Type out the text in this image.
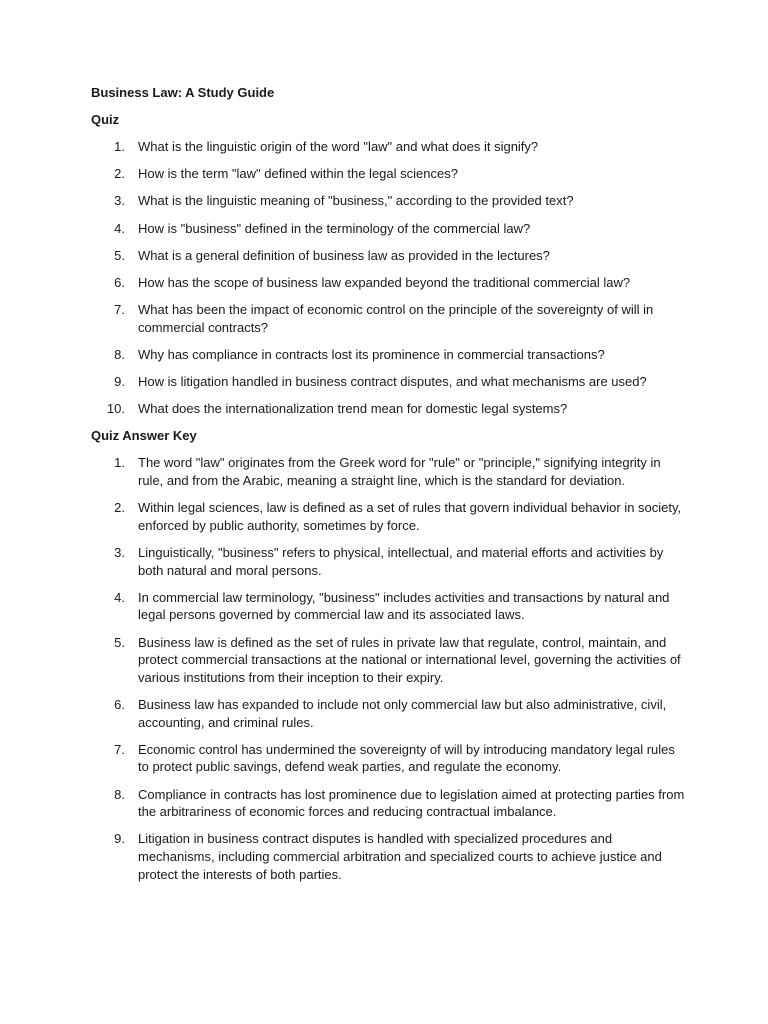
Business Law: A Study Guide
Quiz
1. What is the linguistic origin of the word "law" and what does it signify?
2. How is the term "law" defined within the legal sciences?
3. What is the linguistic meaning of "business," according to the provided text?
4. How is "business" defined in the terminology of the commercial law?
5. What is a general definition of business law as provided in the lectures?
6. How has the scope of business law expanded beyond the traditional commercial law?
7. What has been the impact of economic control on the principle of the sovereignty of will in commercial contracts?
8. Why has compliance in contracts lost its prominence in commercial transactions?
9. How is litigation handled in business contract disputes, and what mechanisms are used?
10. What does the internationalization trend mean for domestic legal systems?
Quiz Answer Key
1. The word "law" originates from the Greek word for "rule" or "principle," signifying integrity in rule, and from the Arabic, meaning a straight line, which is the standard for deviation.
2. Within legal sciences, law is defined as a set of rules that govern individual behavior in society, enforced by public authority, sometimes by force.
3. Linguistically, "business" refers to physical, intellectual, and material efforts and activities by both natural and moral persons.
4. In commercial law terminology, "business" includes activities and transactions by natural and legal persons governed by commercial law and its associated laws.
5. Business law is defined as the set of rules in private law that regulate, control, maintain, and protect commercial transactions at the national or international level, governing the activities of various institutions from their inception to their expiry.
6. Business law has expanded to include not only commercial law but also administrative, civil, accounting, and criminal rules.
7. Economic control has undermined the sovereignty of will by introducing mandatory legal rules to protect public savings, defend weak parties, and regulate the economy.
8. Compliance in contracts has lost prominence due to legislation aimed at protecting parties from the arbitrariness of economic forces and reducing contractual imbalance.
9. Litigation in business contract disputes is handled with specialized procedures and mechanisms, including commercial arbitration and specialized courts to achieve justice and protect the interests of both parties.
